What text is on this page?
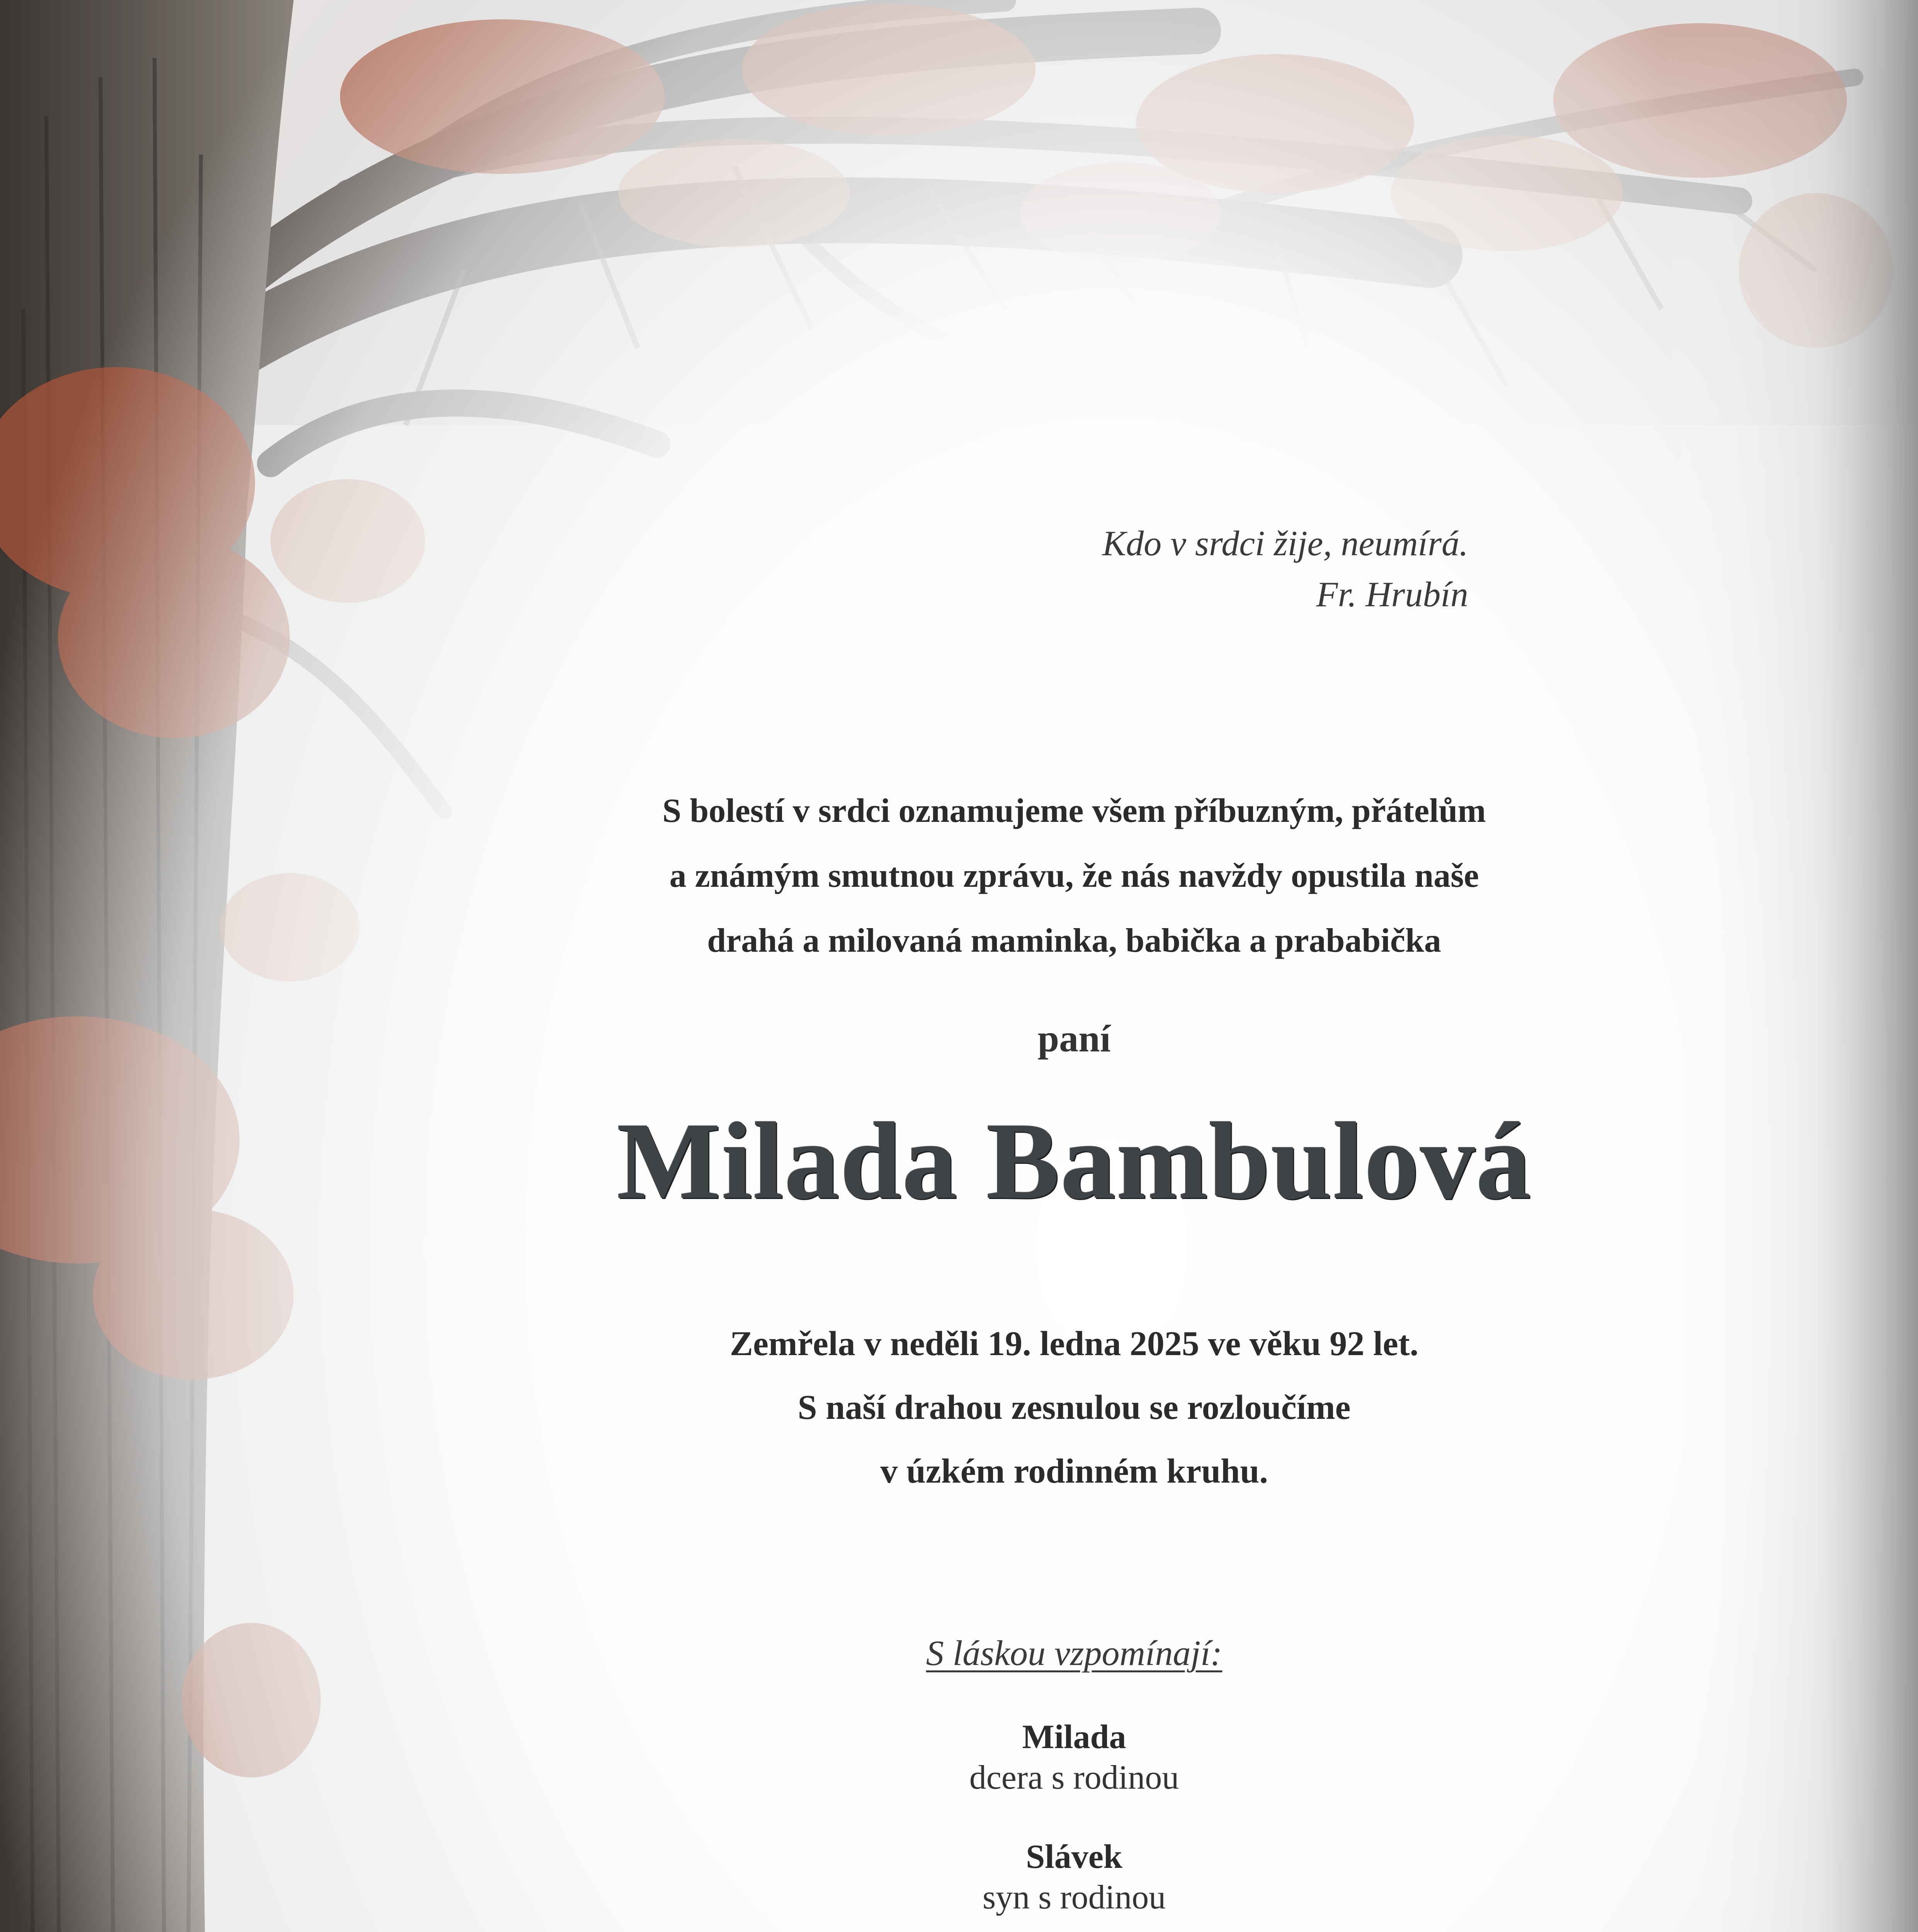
Kdo v srdci žije, neumírá.
Fr. Hrubín
S bolestí v srdci oznamujeme všem příbuzným, přátelům
a známým smutnou zprávu, že nás navždy opustila naše
drahá a milovaná maminka, babička a prababička
paní
Milada Bambulová
Zemřela v neděli 19. ledna 2025 ve věku 92 let.
S naší drahou zesnulou se rozloučíme
v úzkém rodinném kruhu.
S láskou vzpomínají:
Milada
dcera s rodinou
Slávek
syn s rodinou
